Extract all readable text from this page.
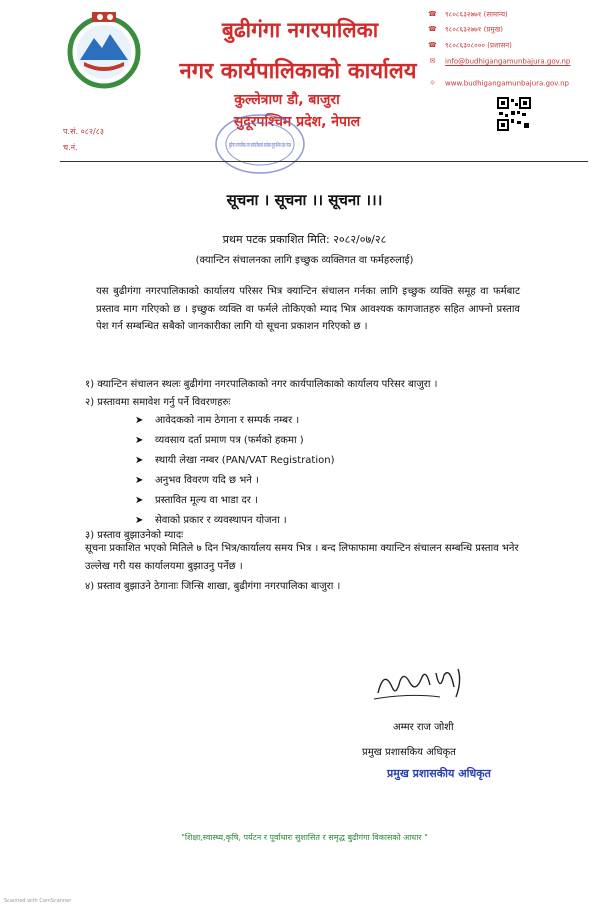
बुढीगंगा नगरपालिका
नगर कार्यपालिकाको कार्यालय
कुल्लेत्राण डौ, बाजुरा
सुदूरपश्चिम प्रदेश, नेपाल
बुढीगंगा नगरपालिका नगर कार्यपालिकाको कार्यालय सुदूरपश्चिम प्रदेश नेपाल
☎ ९८०८६३२७७१ (सामान्य)
☎ ९८०८६३२७७१ (प्रमुख)
☎ ९८०८६३०८००० (प्रशासन)
✉ info@budhigangamunbajura.gov.np
☼ www.budhigangamunbajura.gov.np
प.सं. ०८२/८३
च.नं.
सूचना । सूचना ।। सूचना ।।।
प्रथम पटक प्रकाशित मिति: २०८२/०७/२८
(क्यान्टिन संचालनका लागि इच्छुक व्यक्तिगत वा फर्महरुलाई)
यस बुढीगंगा नगरपालिकाको कार्यालय परिसर भित्र क्यान्टिन संचालन गर्नका लागि इच्छुक व्यक्ति समूह वा फर्मबाट प्रस्ताव माग गरिएको छ । इच्छुक व्यक्ति वा फर्मले तोकिएको म्याद भित्र आवश्यक कागजातहरु सहित आफ्नो प्रस्ताव पेश गर्न सम्बन्धित सबैको जानकारीका लागि यो सूचना प्रकाशन गरिएको छ ।
१) क्यान्टिन संचालन स्थलः बुढीगंगा नगरपालिकाको नगर कार्यपालिकाको कार्यालय परिसर बाजुरा ।
२) प्रस्तावमा समावेश गर्नु पर्ने विवरणहरुः
➤ आवेदकको नाम ठेगाना र सम्पर्क नम्बर ।
➤ व्यवसाय दर्ता प्रमाण पत्र (फर्मको हकमा )
➤ स्थायी लेखा नम्बर (PAN/VAT Registration)
➤ अनुभव विवरण यदि छ भने ।
➤ प्रस्तावित मूल्य वा भाडा दर ।
➤ सेवाको प्रकार र व्यवस्थापन योजना ।
३) प्रस्ताव बुझाउनेको म्यादः
सूचना प्रकाशित भएको मितिले ७ दिन भित्र/कार्यालय समय भित्र । बन्द लिफाफामा क्यान्टिन संचालन सम्बन्धि प्रस्ताव भनेर उल्लेख गरी यस कार्यालयमा बुझाउनु पर्नेछ ।
४) प्रस्ताव बुझाउने ठेगानाः जिन्सि शाखा, बुढीगंगा नगरपालिका बाजुरा ।
अम्मर राज जोशी
प्रमुख प्रशासकिय अधिकृत
प्रमुख प्रशासकीय अधिकृत
"शिक्षा,स्वास्थ्य,कृषि, पर्यटन र पूर्वाधारः सुशासित र समृद्ध बुढीगंगा विकासको आधार "
Scanned with CamScanner
